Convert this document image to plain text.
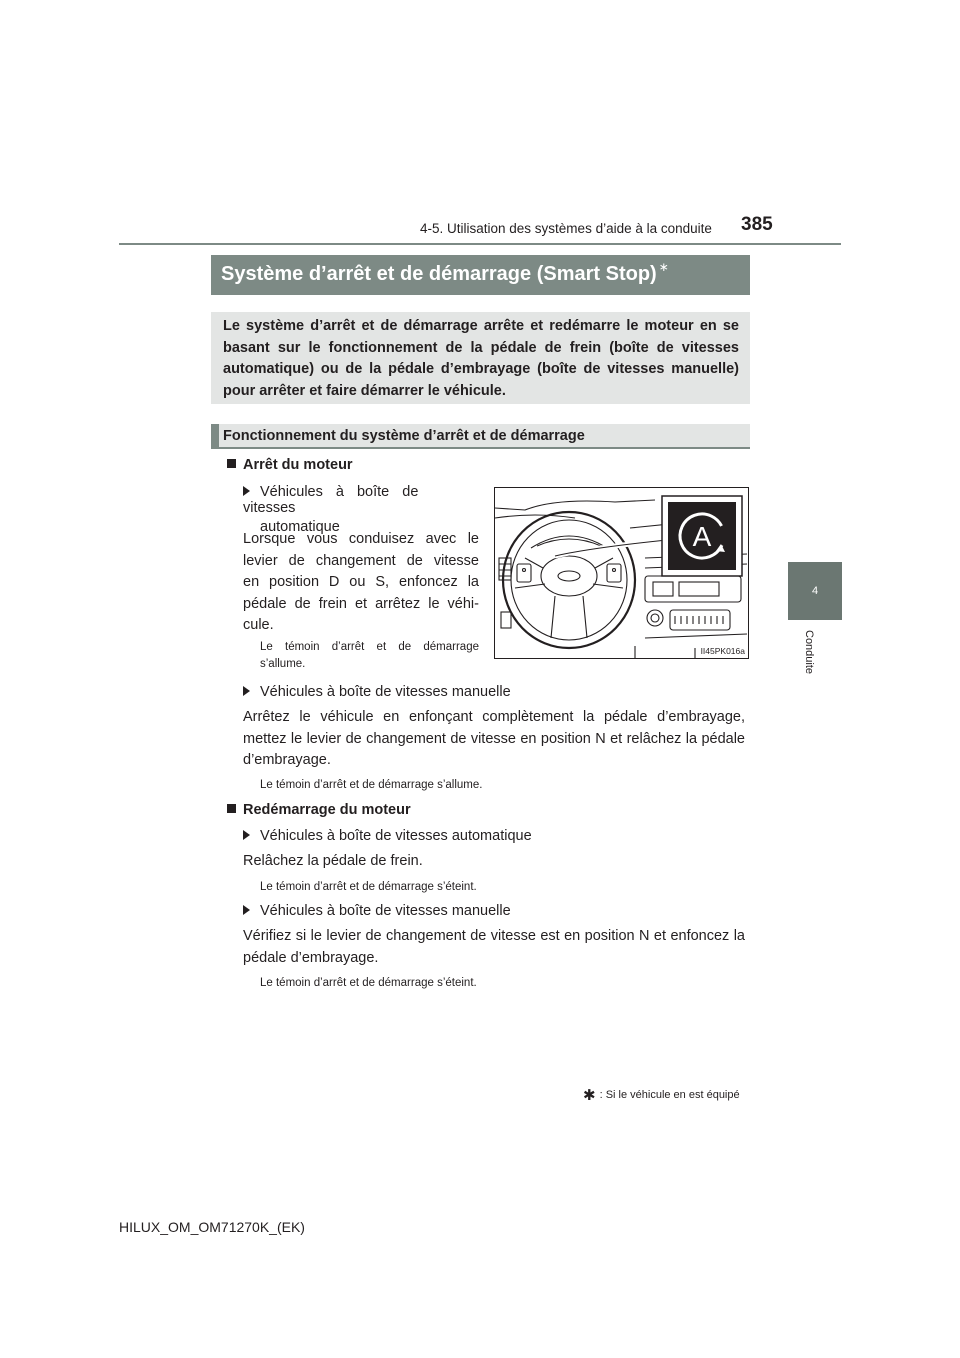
4-5. Utilisation des systèmes d’aide à la conduite 385
4
Conduite
Système d’arrêt et de démarrage (Smart Stop) ∗
Le système d’arrêt et de démarrage arrête et redémarre le moteur en se basant sur le fonctionnement de la pédale de frein (boîte de vitesses automatique) ou de la pédale d’embrayage (boîte de vitesses manuelle) pour arrêter et faire démarrer le véhicule.
Fonctionnement du système d’arrêt et de démarrage
Arrêt du moteur
Véhicules à boîte de vitesses
automatique
Lorsque vous conduisez avec le
levier de changement de vitesse
en position D ou S, enfoncez la
pédale de frein et arrêtez le véhi-
cule.
Le témoin d’arrêt et de démarrage
s’allume.
A
II45PK016a
Véhicules à boîte de vitesses manuelle
Arrêtez le véhicule en enfonçant complètement la pédale d’embrayage, mettez le levier de changement de vitesse en position N et relâchez la pédale d’embrayage.
Le témoin d’arrêt et de démarrage s’allume.
Redémarrage du moteur
Véhicules à boîte de vitesses automatique
Relâchez la pédale de frein.
Le témoin d’arrêt et de démarrage s’éteint.
Véhicules à boîte de vitesses manuelle
Vérifiez si le levier de changement de vitesse est en position N et enfoncez la pédale d’embrayage.
Le témoin d’arrêt et de démarrage s’éteint.
✱ : Si le véhicule en est équipé
HILUX_OM_OM71270K_(EK)
